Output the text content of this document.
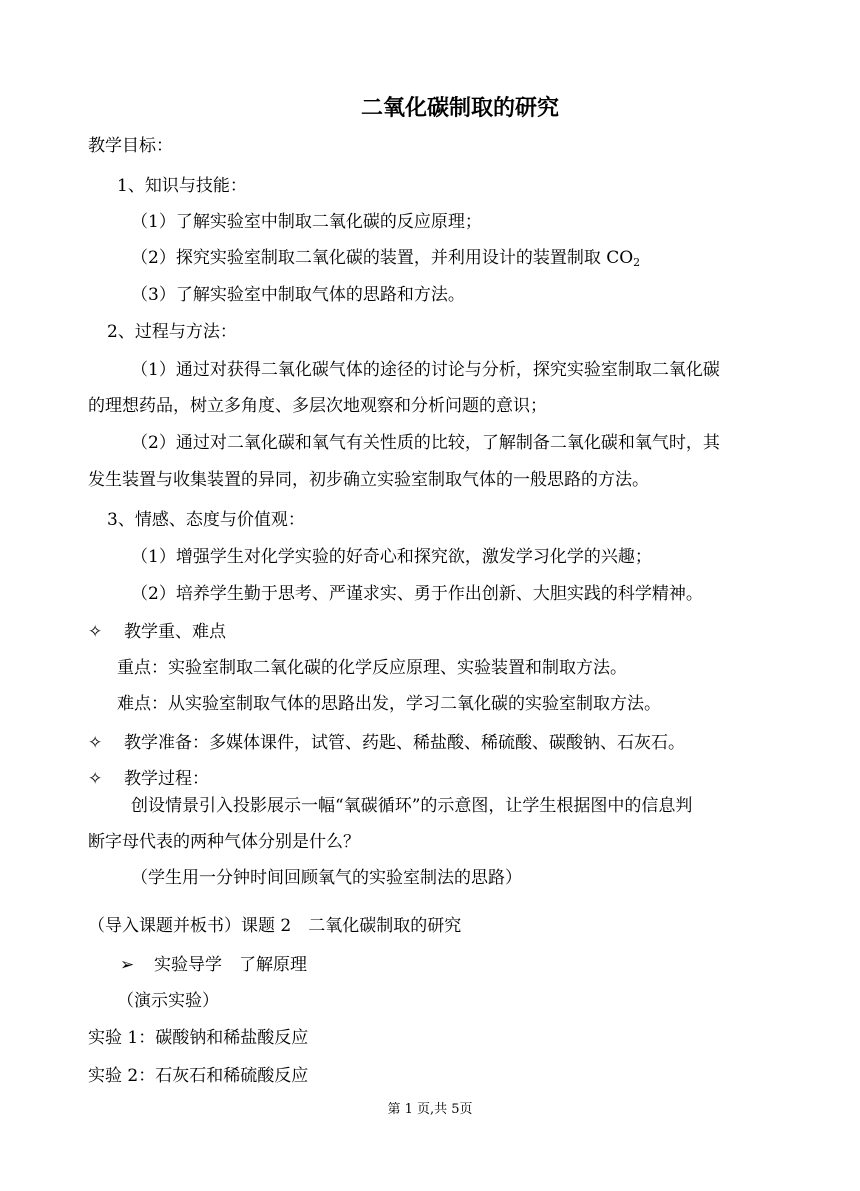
二氧化碳制取的研究
教学目标：
1、知识与技能：
（1）了解实验室中制取二氧化碳的反应原理；
（2）探究实验室制取二氧化碳的装置，并利用设计的装置制取 $CO_2$
（3）了解实验室中制取气体的思路和方法。
2、过程与方法：
（1）通过对获得二氧化碳气体的途径的讨论与分析，探究实验室制取二氧化碳
的理想药品，树立多角度、多层次地观察和分析问题的意识；
（2）通过对二氧化碳和氧气有关性质的比较，了解制备二氧化碳和氧气时，其
发生装置与收集装置的异同，初步确立实验室制取气体的一般思路的方法。
3、情感、态度与价值观：
（1）增强学生对化学实验的好奇心和探究欲，激发学习化学的兴趣；
（2）培养学生勤于思考、严谨求实、勇于作出创新、大胆实践的科学精神。
✧ 教学重、难点
重点：实验室制取二氧化碳的化学反应原理、实验装置和制取方法。
难点：从实验室制取气体的思路出发，学习二氧化碳的实验室制取方法。
✧ 教学准备：多媒体课件，试管、药匙、稀盐酸、稀硫酸、碳酸钠、石灰石。
✧ 教学过程：
创设情景引入投影展示一幅“氧碳循环”的示意图，让学生根据图中的信息判
断字母代表的两种气体分别是什么？
（学生用一分钟时间回顾氧气的实验室制法的思路）
（导入课题并板书）课题 2　二氧化碳制取的研究
➢ 实验导学　了解原理
（演示实验）
实验 1：碳酸钠和稀盐酸反应
实验 2：石灰石和稀硫酸反应
第 1 页,共 5页
